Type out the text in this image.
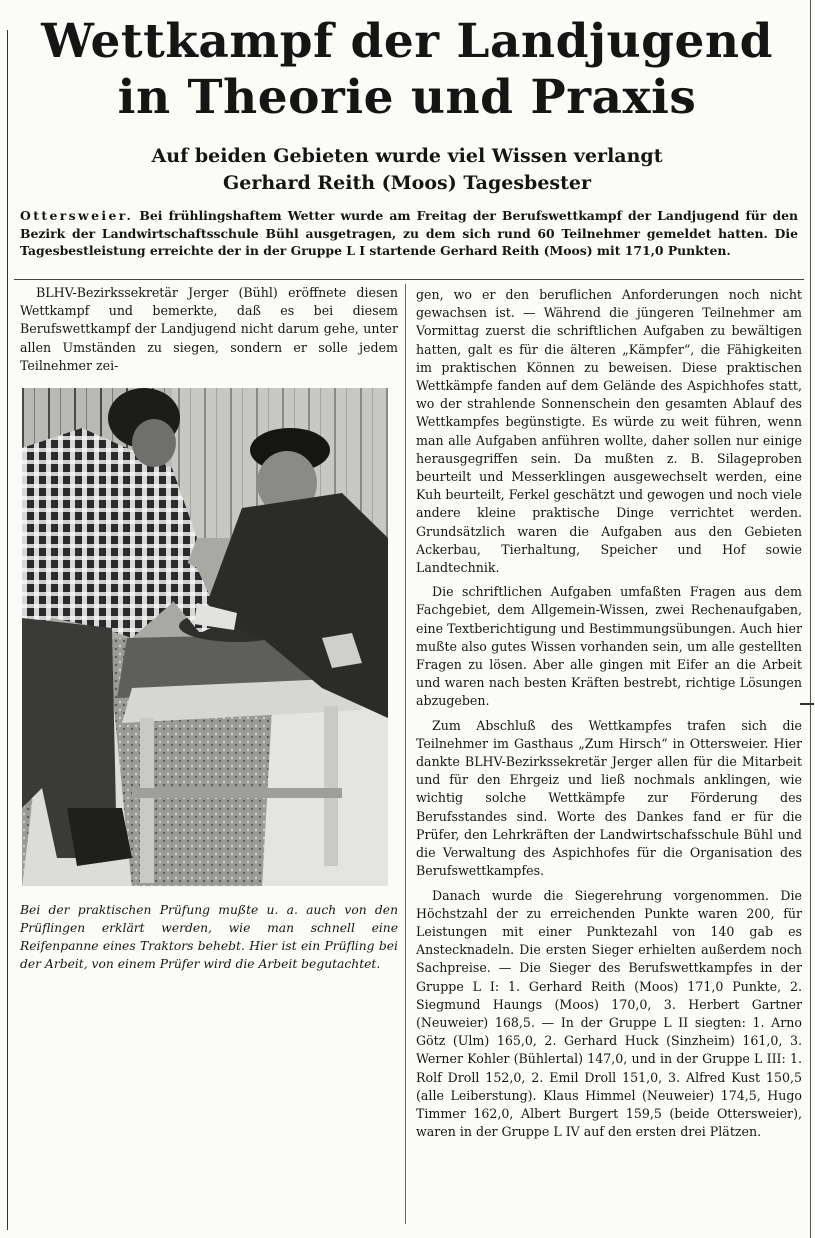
Wettkampf der Landjugend
in Theorie und Praxis

Auf beiden Gebieten wurde viel Wissen verlangt

Gerhard Reith (Moos) Tagesbester

Ottersweier. Bei frühlingshaftem Wetter wurde am Freitag der Berufswettkampf der Landjugend für den Bezirk der Landwirtschaftsschule Bühl ausgetragen, zu dem sich rund 60 Teilnehmer gemeldet hatten. Die Tagesbestleistung erreichte der in der Gruppe L I startende Gerhard Reith (Moos) mit 171,0 Punkten.

BLHV-Bezirkssekretär Jerger (Bühl) eröffnete diesen Wettkampf und bemerkte, daß es bei diesem Berufswettkampf der Landjugend nicht darum gehe, unter allen Umständen zu siegen, sondern er solle jedem Teilnehmer zei-

Bei der praktischen Prüfung mußte u. a. auch von den Prüflingen erklärt werden, wie man schnell eine Reifenpanne eines Traktors behebt. Hier ist ein Prüfling bei der Arbeit, von einem Prüfer wird die Arbeit begutachtet.

gen, wo er den beruflichen Anforderungen noch nicht gewachsen ist. — Während die jüngeren Teilnehmer am Vormittag zuerst die schriftlichen Aufgaben zu bewältigen hatten, galt es für die älteren „Kämpfer“, die Fähigkeiten im praktischen Können zu beweisen. Diese praktischen Wettkämpfe fanden auf dem Gelände des Aspichhofes statt, wo der strahlende Sonnenschein den gesamten Ablauf des Wettkampfes begünstigte. Es würde zu weit führen, wenn man alle Aufgaben anführen wollte, daher sollen nur einige herausgegriffen sein. Da mußten z. B. Silageproben beurteilt und Messerklingen ausgewechselt werden, eine Kuh beurteilt, Ferkel geschätzt und gewogen und noch viele andere kleine praktische Dinge verrichtet werden. Grundsätzlich waren die Aufgaben aus den Gebieten Ackerbau, Tierhaltung, Speicher und Hof sowie Landtechnik.

Die schriftlichen Aufgaben umfaßten Fragen aus dem Fachgebiet, dem Allgemein-Wissen, zwei Rechenaufgaben, eine Textberichtigung und Bestimmungsübungen. Auch hier mußte also gutes Wissen vorhanden sein, um alle gestellten Fragen zu lösen. Aber alle gingen mit Eifer an die Arbeit und waren nach besten Kräften bestrebt, richtige Lösungen abzugeben.

Zum Abschluß des Wettkampfes trafen sich die Teilnehmer im Gasthaus „Zum Hirsch“ in Ottersweier. Hier dankte BLHV-Bezirkssekretär Jerger allen für die Mitarbeit und für den Ehrgeiz und ließ nochmals anklingen, wie wichtig solche Wettkämpfe zur Förderung des Berufsstandes sind. Worte des Dankes fand er für die Prüfer, den Lehrkräften der Landwirtschafsschule Bühl und die Verwaltung des Aspichhofes für die Organisation des Berufswettkampfes.

Danach wurde die Siegerehrung vorgenommen. Die Höchstzahl der zu erreichenden Punkte waren 200, für Leistungen mit einer Punktezahl von 140 gab es Anstecknadeln. Die ersten Sieger erhielten außerdem noch Sachpreise. — Die Sieger des Berufswettkampfes in der Gruppe L I: 1. Gerhard Reith (Moos) 171,0 Punkte, 2. Siegmund Haungs (Moos) 170,0, 3. Herbert Gartner (Neuweier) 168,5. — In der Gruppe L II siegten: 1. Arno Götz (Ulm) 165,0, 2. Gerhard Huck (Sinzheim) 161,0, 3. Werner Kohler (Bühlertal) 147,0, und in der Gruppe L III: 1. Rolf Droll 152,0, 2. Emil Droll 151,0, 3. Alfred Kust 150,5 (alle Leiberstung). Klaus Himmel (Neuweier) 174,5, Hugo Timmer 162,0, Albert Burgert 159,5 (beide Ottersweier), waren in der Gruppe L IV auf den ersten drei Plätzen.
